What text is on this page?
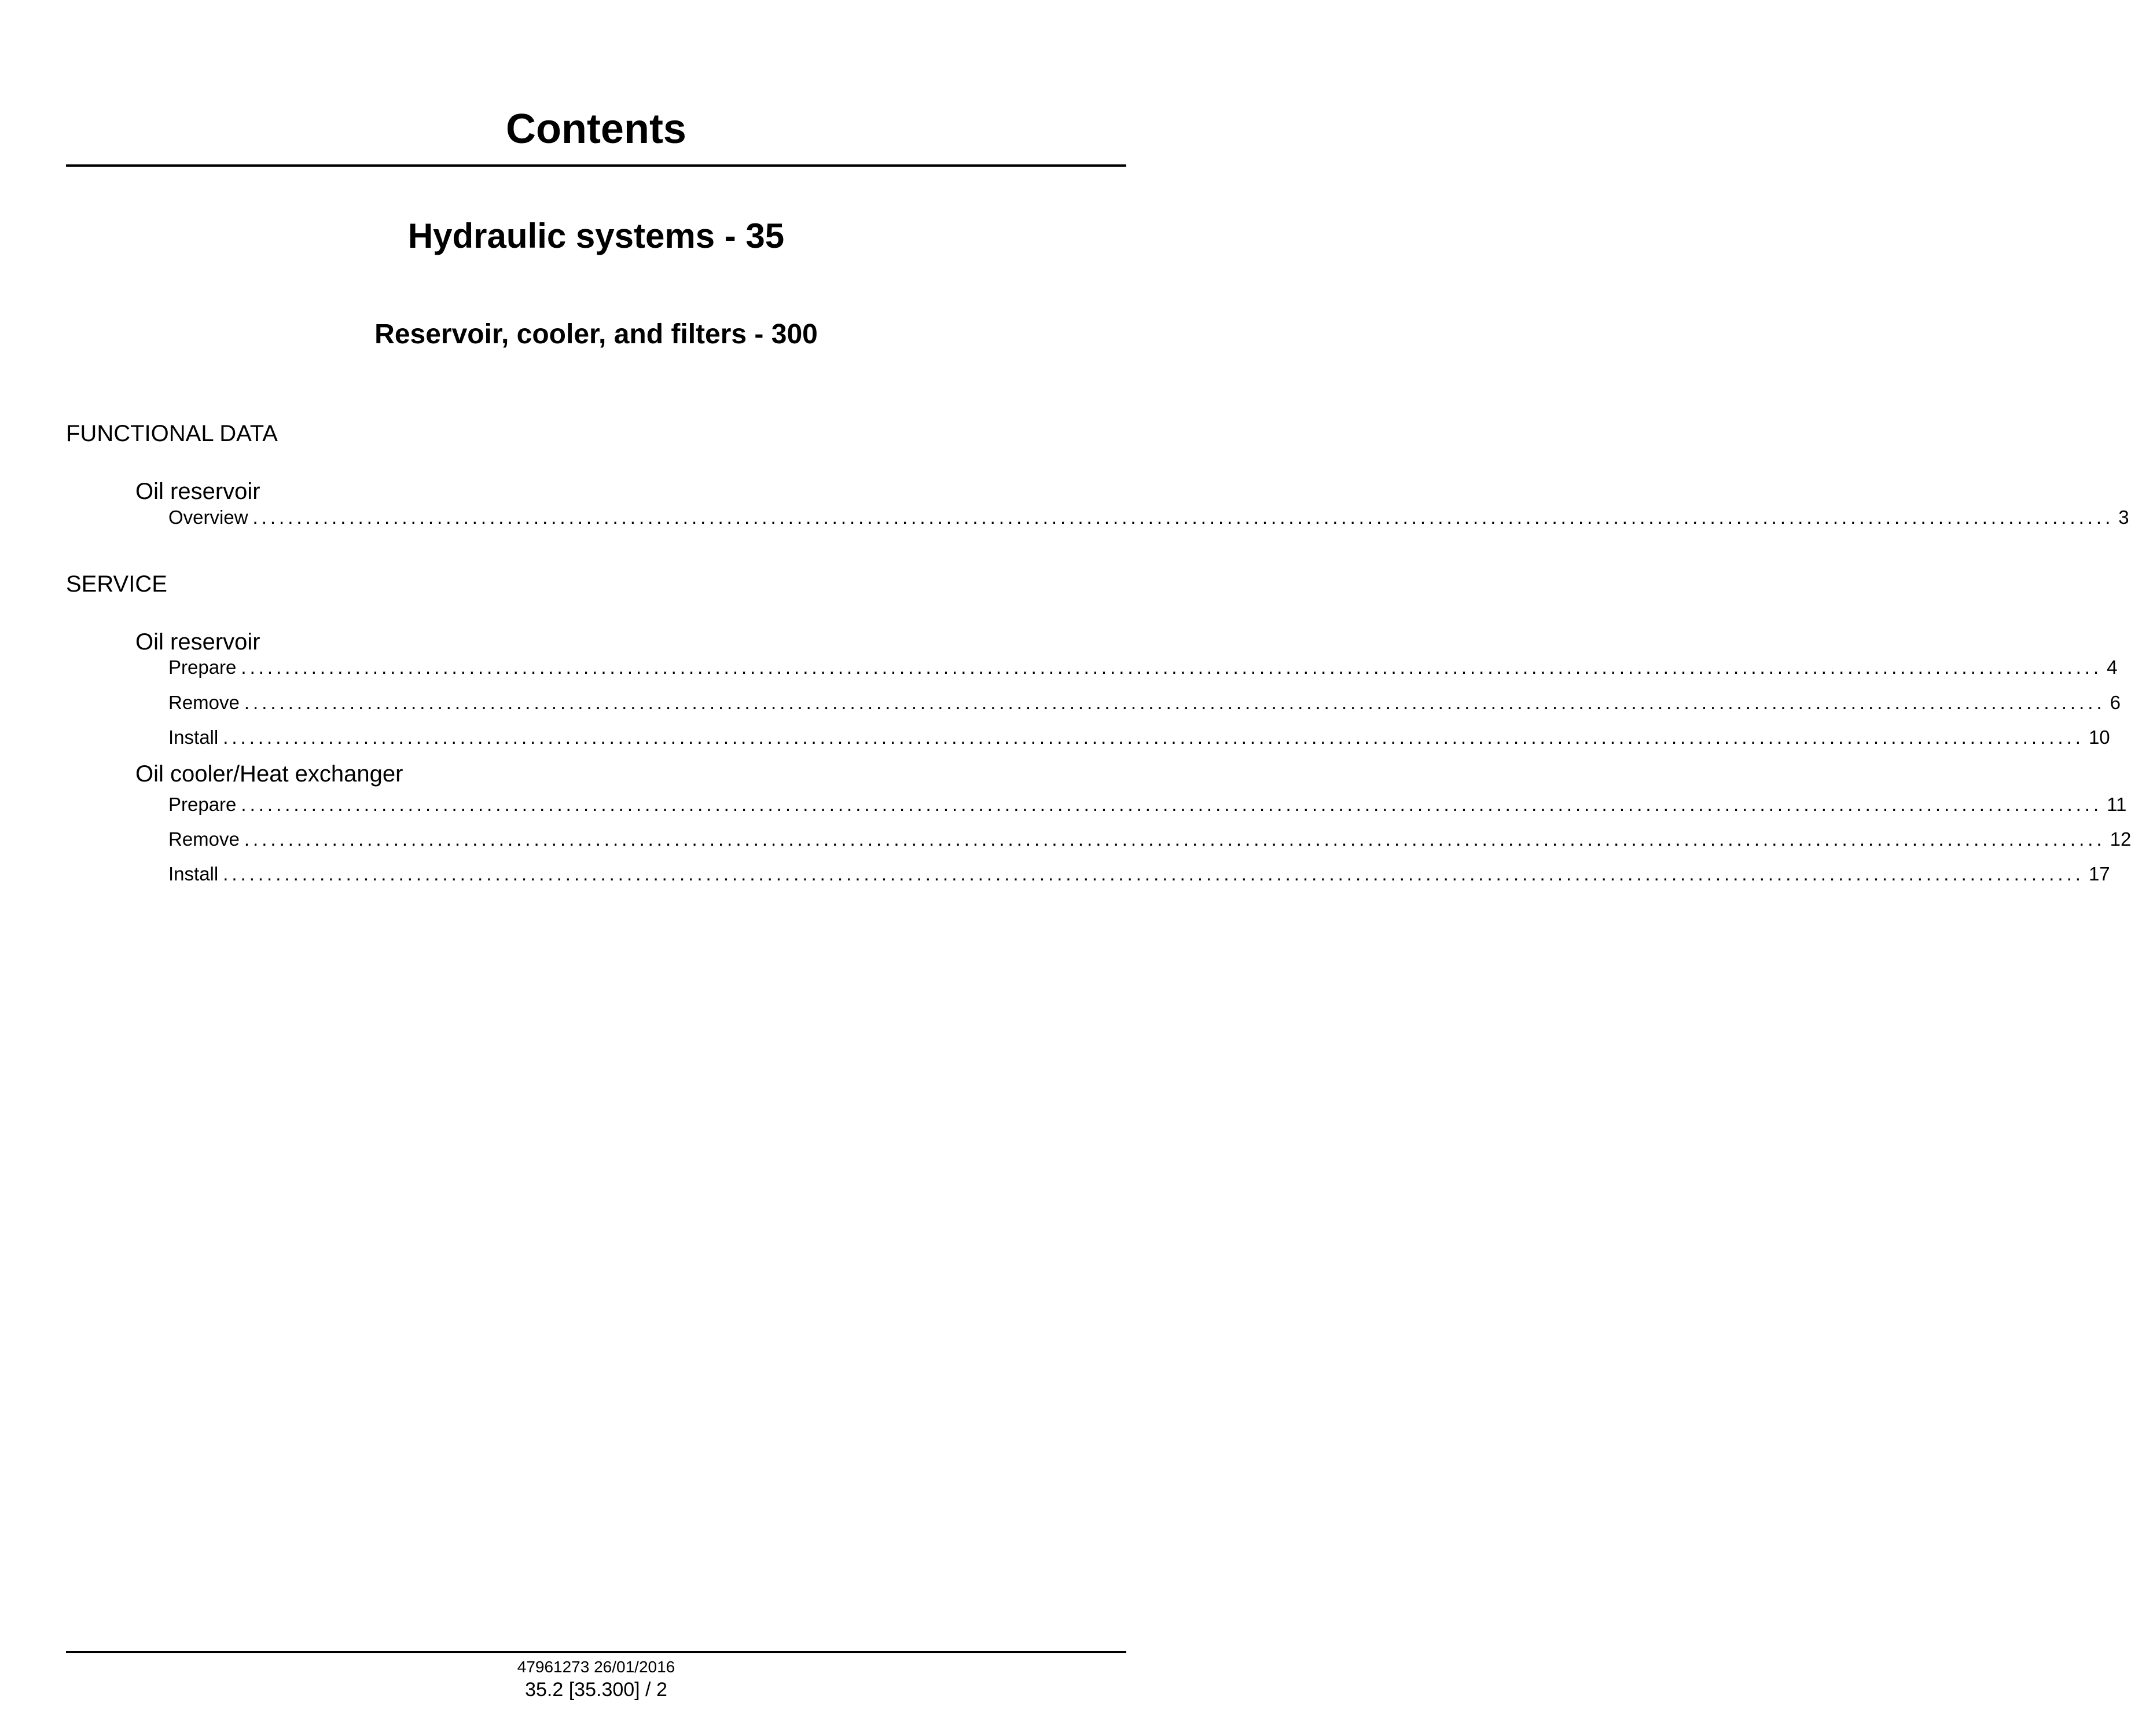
Contents
Hydraulic systems - 35
Reservoir, cooler, and filters - 300
FUNCTIONAL DATA
Oil reservoir
Overview .................................................................................................................................................................................................................... 3
SERVICE
Oil reservoir
Prepare .................................................................................................................................................................................................................... 4
Remove .................................................................................................................................................................................................................... 6
Install .................................................................................................................................................................................................................... 10
Oil cooler/Heat exchanger
Prepare .................................................................................................................................................................................................................... 11
Remove .................................................................................................................................................................................................................... 12
Install .................................................................................................................................................................................................................... 17
47961273 26/01/2016
35.2 [35.300] / 2
